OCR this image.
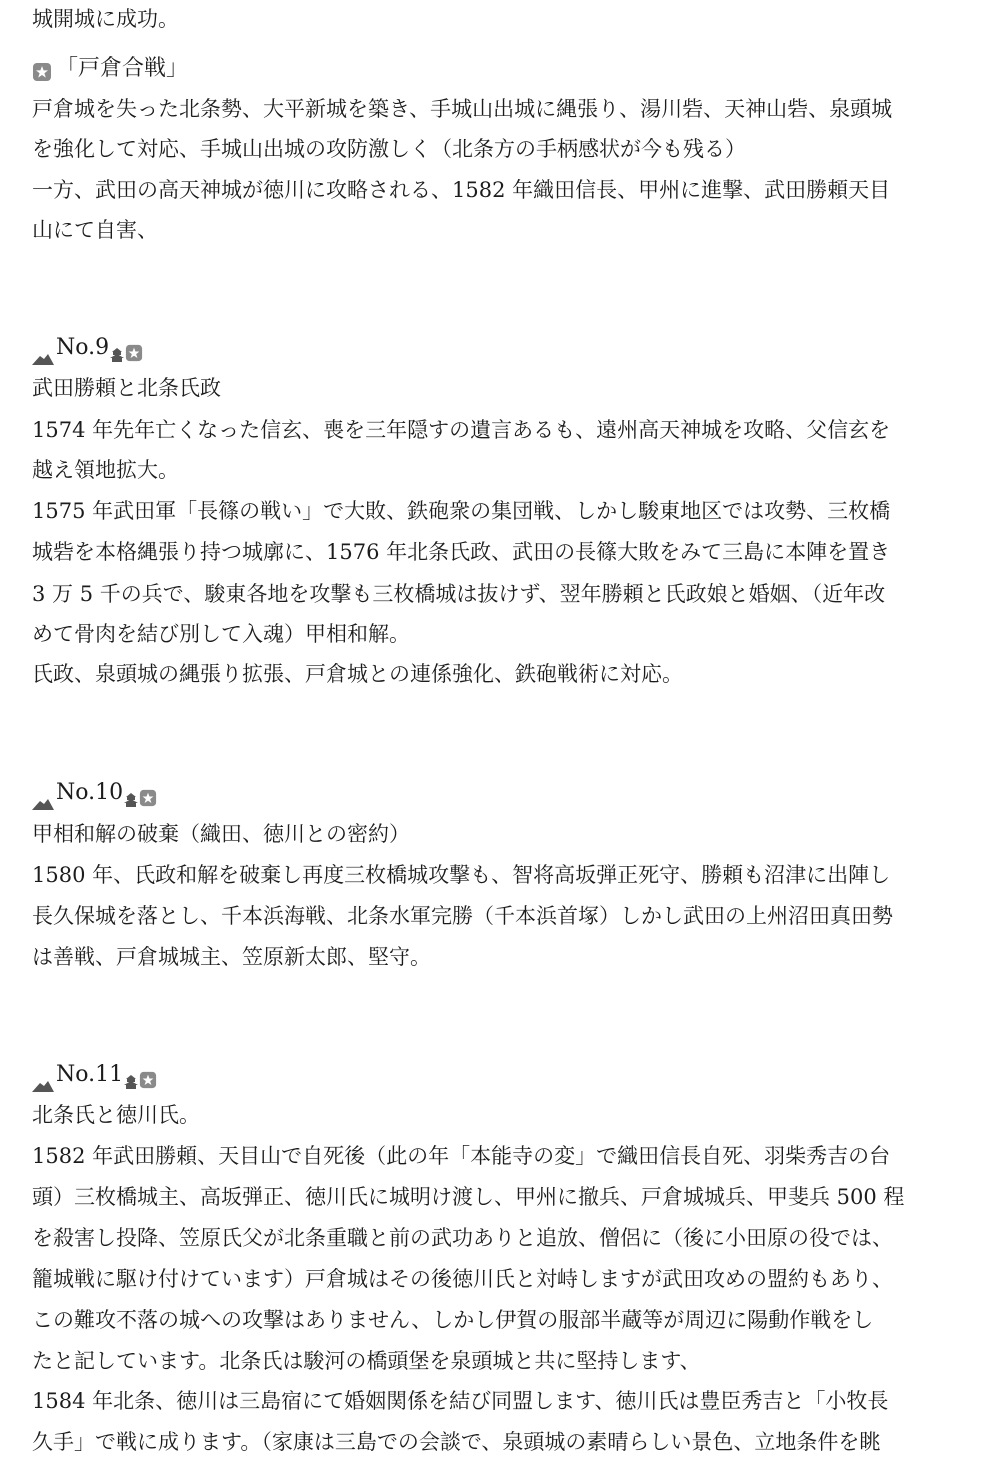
城開城に成功。
「戸倉合戦」
戸倉城を失った北条勢、大平新城を築き、手城山出城に縄張り、湯川砦、天神山砦、泉頭城
を強化して対応、手城山出城の攻防激しく（北条方の手柄感状が今も残る）
一方、武田の高天神城が徳川に攻略される、1582 年織田信長、甲州に進撃、武田勝頼天目
山にて自害、
No.9
武田勝頼と北条氏政
1574 年先年亡くなった信玄、喪を三年隠すの遺言あるも、遠州高天神城を攻略、父信玄を
越え領地拡大。
1575 年武田軍「長篠の戦い」で大敗、鉄砲衆の集団戦、しかし駿東地区では攻勢、三枚橋
城砦を本格縄張り持つ城廓に、1576 年北条氏政、武田の長篠大敗をみて三島に本陣を置き
3 万 5 千の兵で、駿東各地を攻撃も三枚橋城は抜けず、翌年勝頼と氏政娘と婚姻、（近年改
めて骨肉を結び別して入魂）甲相和解。
氏政、泉頭城の縄張り拡張、戸倉城との連係強化、鉄砲戦術に対応。
No.10
甲相和解の破棄（織田、徳川との密約）
1580 年、氏政和解を破棄し再度三枚橋城攻撃も、智将高坂弾正死守、勝頼も沼津に出陣し
長久保城を落とし、千本浜海戦、北条水軍完勝（千本浜首塚）しかし武田の上州沼田真田勢
は善戦、戸倉城城主、笠原新太郎、堅守。
No.11
北条氏と徳川氏。
1582 年武田勝頼、天目山で自死後（此の年「本能寺の変」で織田信長自死、羽柴秀吉の台
頭）三枚橋城主、高坂弾正、徳川氏に城明け渡し、甲州に撤兵、戸倉城城兵、甲斐兵 500 程
を殺害し投降、笠原氏父が北条重職と前の武功ありと追放、僧侶に（後に小田原の役では、
籠城戦に駆け付けています）戸倉城はその後徳川氏と対峙しますが武田攻めの盟約もあり、
この難攻不落の城への攻撃はありません、しかし伊賀の服部半蔵等が周辺に陽動作戦をし
たと記しています。北条氏は駿河の橋頭堡を泉頭城と共に堅持します、
1584 年北条、徳川は三島宿にて婚姻関係を結び同盟します、徳川氏は豊臣秀吉と「小牧長
久手」で戦に成ります。（家康は三島での会談で、泉頭城の素晴らしい景色、立地条件を眺
